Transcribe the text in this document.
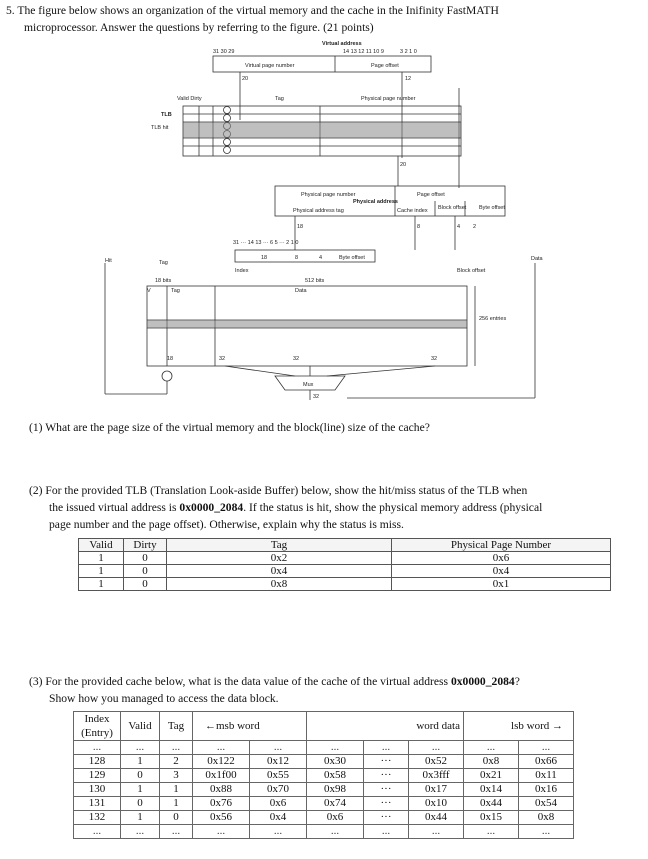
5. The figure below shows an organization of the virtual memory and the cache in the Inifinity FastMATH
microprocessor. Answer the questions by referring to the figure. (21 points)
Virtual address
31 30 29	14 13 12 11 10 9	3 2 1 0
Virtual page number	Page offset
20	12
Valid Dirty	Tag	Physical page number
TLB
TLB hit
20
Physical page number	Page offset
Physical address
Physical address tag	Cache index Block offset Byte offset
18	8	4 2
31 ··· 14 13 ··· 6 5 ··· 2 1 0
18	8	4	Byte offset
Hit	Tag
Index
18 bits
V	Tag
512 bits
Data
Data
Block offset
256 entries
18	32	32	32
Mux
32
(1) What are the page size of the virtual memory and the block(line) size of the cache?
(2) For the provided TLB (Translation Look-aside Buffer) below, show the hit/miss status of the TLB when
the issued virtual address is 0x0000_2084. If the status is hit, show the physical memory address (physical
page number and the page offset). Otherwise, explain why the status is miss.
Valid	Dirty	Tag	Physical Page Number
1	0	0x2	0x6
1	0	0x4	0x4
1	0	0x8	0x1
(3) For the provided cache below, what is the data value of the cache of the virtual address 0x0000_2084?
Show how you managed to access the data block.
Index (Entry)	Valid	Tag	←msb word		word data			lsb word →	
...	...	...	...	...	...	...	...	...	...
128	1	2	0x122	0x12	0x30	···	0x52	0x8	0x66
129	0	3	0x1f00	0x55	0x58	···	0x3fff	0x21	0x11
130	1	1	0x88	0x70	0x98	···	0x17	0x14	0x16
131	0	1	0x76	0x6	0x74	···	0x10	0x44	0x54
132	1	0	0x56	0x4	0x6	···	0x44	0x15	0x8
...	...	...	...	...	...	...	...	...	...
